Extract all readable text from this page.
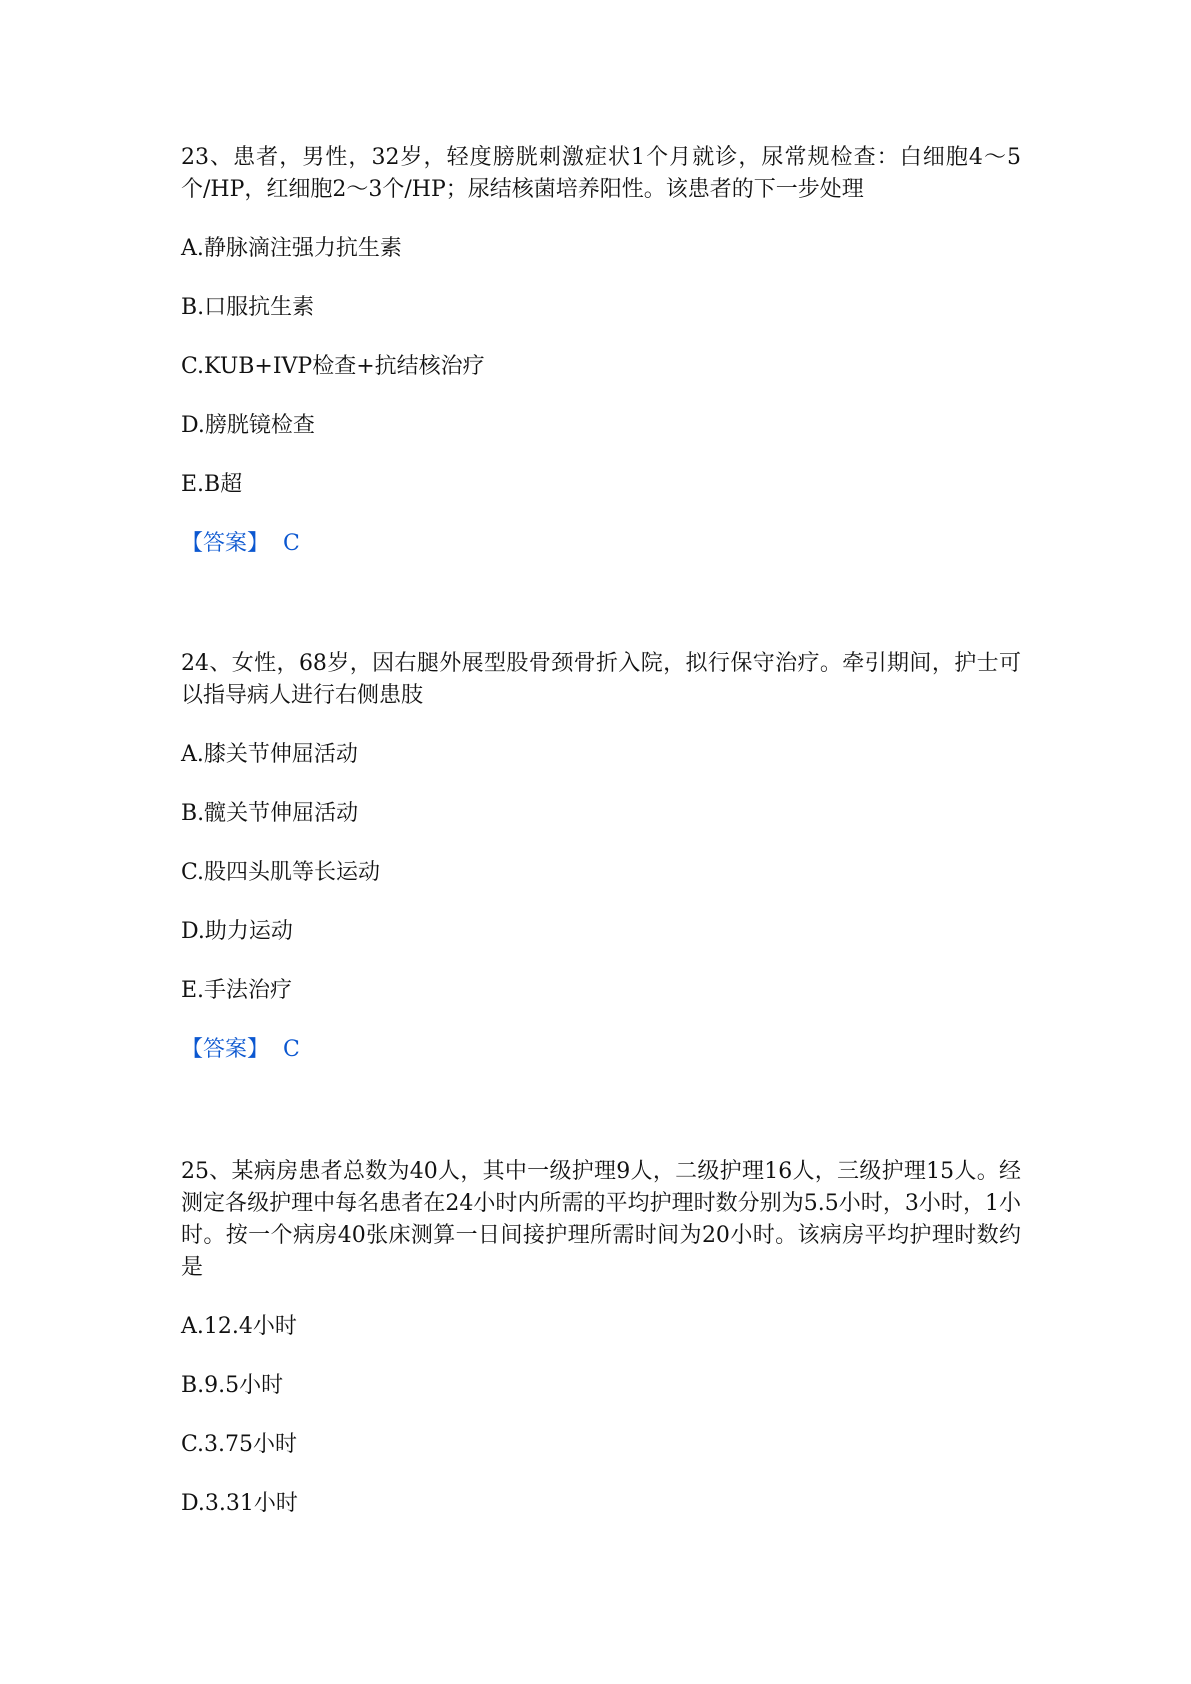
23、患者，男性，32岁，轻度膀胱刺激症状1个月就诊，尿常规检查：白细胞4～5个/HP，红细胞2～3个/HP；尿结核菌培养阳性。该患者的下一步处理

A.静脉滴注强力抗生素
B.口服抗生素
C.KUB+IVP检查+抗结核治疗
D.膀胱镜检查
E.B超
【答案】 C

24、女性，68岁，因右腿外展型股骨颈骨折入院，拟行保守治疗。牵引期间，护士可以指导病人进行右侧患肢

A.膝关节伸屈活动
B.髋关节伸屈活动
C.股四头肌等长运动
D.助力运动
E.手法治疗
【答案】 C

25、某病房患者总数为40人，其中一级护理9人，二级护理16人，三级护理15人。经测定各级护理中每名患者在24小时内所需的平均护理时数分别为5.5小时，3小时，1小时。按一个病房40张床测算一日间接护理所需时间为20小时。该病房平均护理时数约是

A.12.4小时
B.9.5小时
C.3.75小时
D.3.31小时
